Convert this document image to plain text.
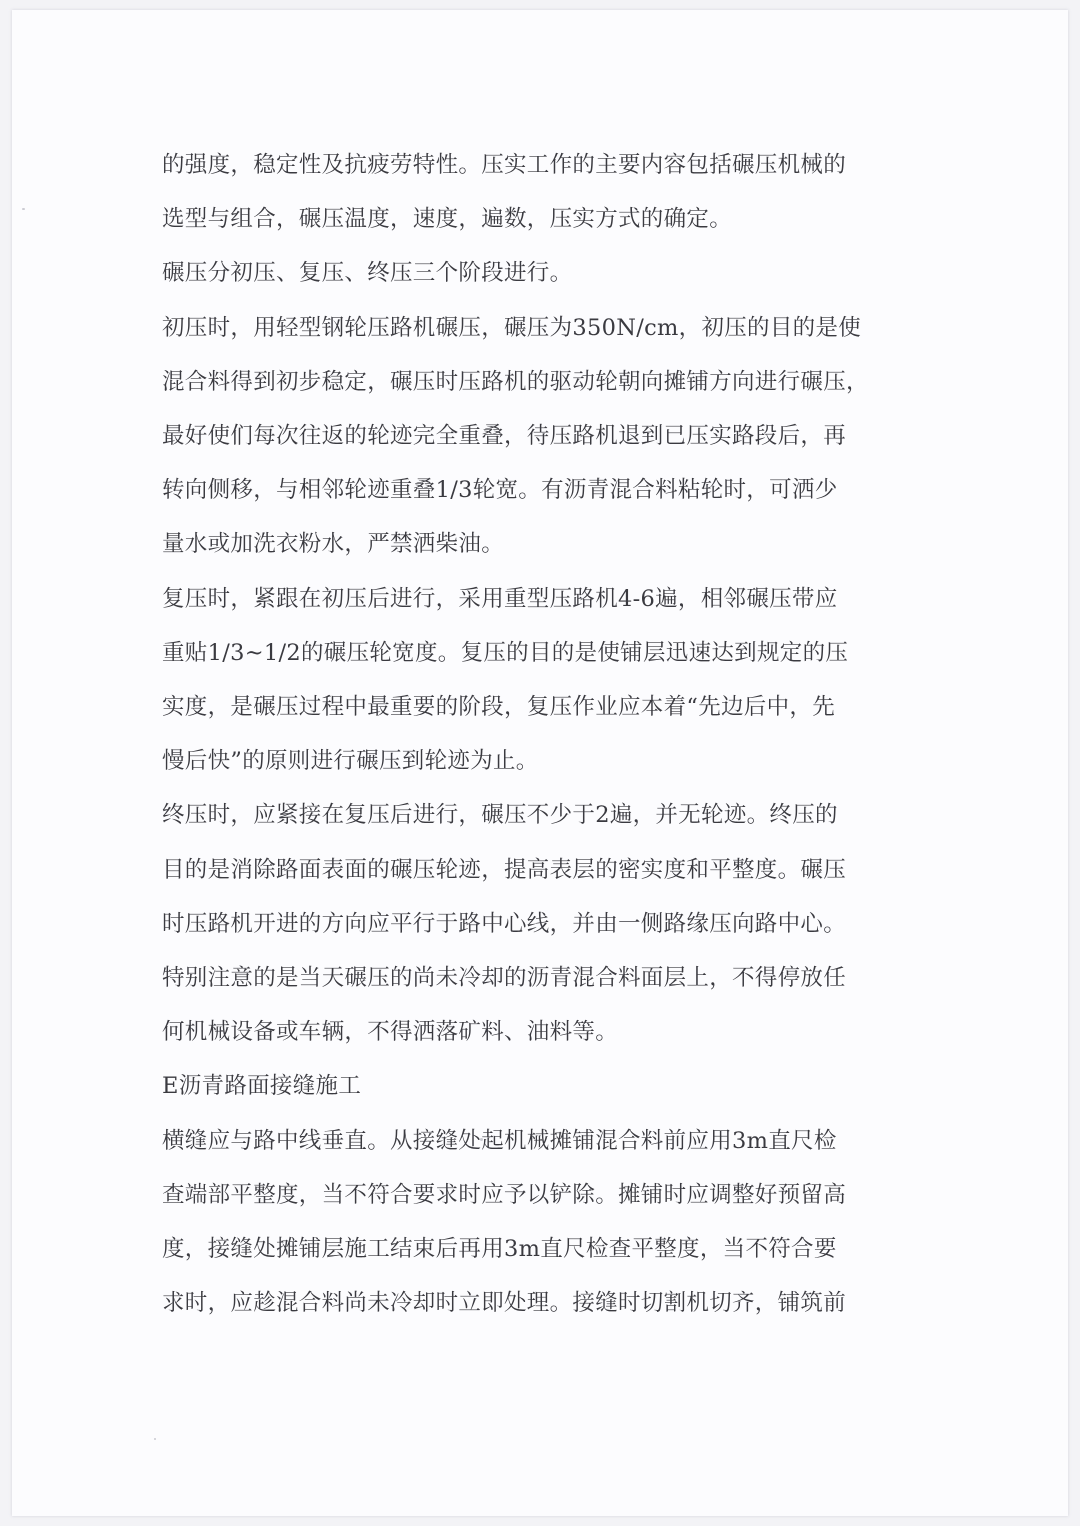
的强度，稳定性及抗疲劳特性。压实工作的主要内容包括碾压机械的

选型与组合，碾压温度，速度，遍数，压实方式的确定。

碾压分初压、复压、终压三个阶段进行。

初压时，用轻型钢轮压路机碾压，碾压为350N/cm，初压的目的是使

混合料得到初步稳定，碾压时压路机的驱动轮朝向摊铺方向进行碾压，

最好使们每次往返的轮迹完全重叠，待压路机退到已压实路段后，再

转向侧移，与相邻轮迹重叠1/3轮宽。有沥青混合料粘轮时，可洒少

量水或加洗衣粉水，严禁洒柴油。

复压时，紧跟在初压后进行，采用重型压路机4-6遍，相邻碾压带应

重贴1/3~1/2的碾压轮宽度。复压的目的是使铺层迅速达到规定的压

实度，是碾压过程中最重要的阶段，复压作业应本着“先边后中，先

慢后快”的原则进行碾压到轮迹为止。

终压时，应紧接在复压后进行，碾压不少于2遍，并无轮迹。终压的

目的是消除路面表面的碾压轮迹，提高表层的密实度和平整度。碾压

时压路机开进的方向应平行于路中心线，并由一侧路缘压向路中心。

特别注意的是当天碾压的尚未冷却的沥青混合料面层上，不得停放任

何机械设备或车辆，不得洒落矿料、油料等。

E沥青路面接缝施工

横缝应与路中线垂直。从接缝处起机械摊铺混合料前应用3m直尺检

查端部平整度，当不符合要求时应予以铲除。摊铺时应调整好预留高

度，接缝处摊铺层施工结束后再用3m直尺检查平整度，当不符合要

求时，应趁混合料尚未冷却时立即处理。接缝时切割机切齐，铺筑前
